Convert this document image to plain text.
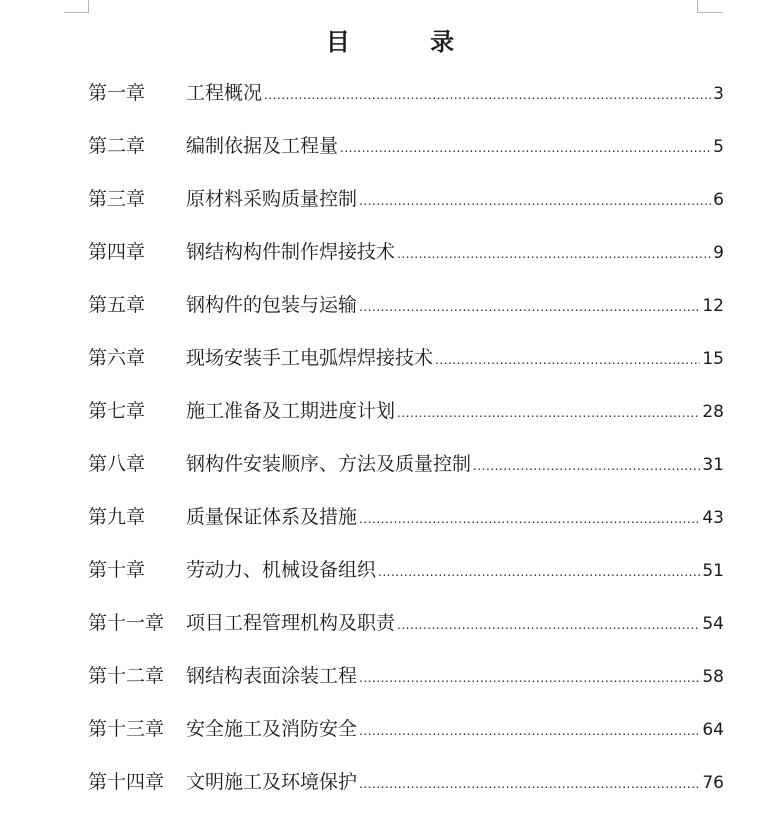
目 录
第一章	工程概况 .....	3
第二章	编制依据及工程量 .....	5
第三章	原材料采购质量控制 .....	6
第四章	钢结构构件制作焊接技术 .....	9
第五章	钢构件的包装与运输 .....	12
第六章	现场安装手工电弧焊焊接技术 .....	15
第七章	施工准备及工期进度计划 .....	28
第八章	钢构件安装顺序、方法及质量控制 .....	31
第九章	质量保证体系及措施 .....	43
第十章	劳动力、机械设备组织 .....	51
第十一章	项目工程管理机构及职责 .....	54
第十二章	钢结构表面涂装工程 .....	58
第十三章	安全施工及消防安全 .....	64
第十四章	文明施工及环境保护 .....	76
